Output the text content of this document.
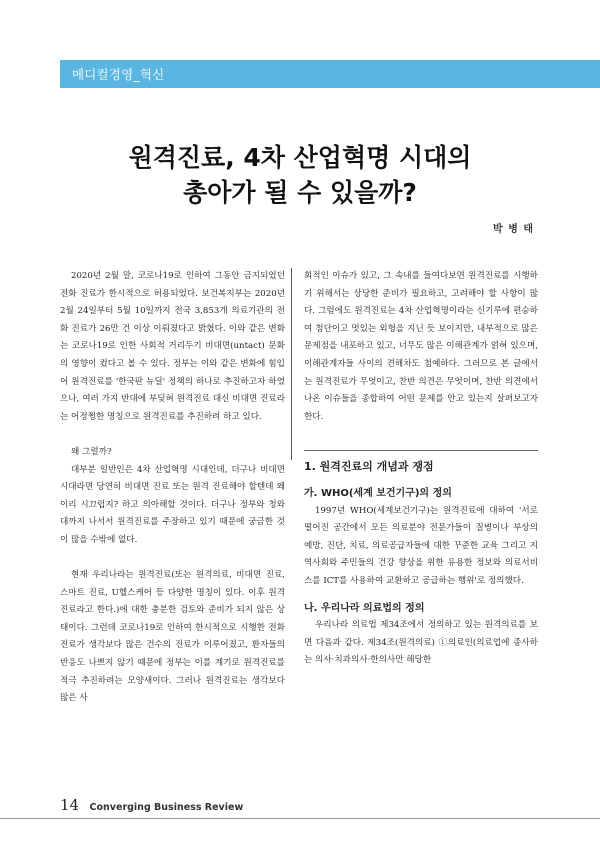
메디컬경영_혁신
원격진료, 4차 산업혁명 시대의
총아가 될 수 있을까?
박 병 태

2020년 2월 말, 코로나19로 인하여 그동안 금지되었던 전화 진료가 한시적으로 허용되었다. 보건복지부는 2020년 2월 24일부터 5월 10일까지 전국 3,853개 의료기관의 전화 진료가 26만 건 이상 이뤄졌다고 밝혔다. 이와 같은 변화는 코로나19로 인한 사회적 거리두기 비대면(untact) 문화의 영향이 컸다고 볼 수 있다. 정부는 이와 같은 변화에 힘입어 원격진료를 '한국판 뉴딜' 정책의 하나로 추진하고자 하였으나, 여러 가지 반대에 부딪혀 원격진료 대신 비대면 진료라는 어정쩡한 명칭으로 원격진료를 추진하려 하고 있다.

왜 그럴까?

대부분 일반인은 4차 산업혁명 시대인데, 더구나 비대면 시대라면 당연히 비대면 진료 또는 원격 진료해야 할텐데 왜 이리 시끄럽지? 하고 의아해할 것이다. 더구나 정부와 청와대까지 나서서 원격진료를 주장하고 있기 때문에 궁금한 것이 많을 수밖에 없다.

현재 우리나라는 원격진료(또는 원격의료, 비대면 진료, 스마트 진료, U헬스케어 등 다양한 명칭이 있다. 이후 원격진료라고 한다.)에 대한 충분한 검토와 준비가 되지 않은 상태이다. 그런데 코로나19로 인하여 한시적으로 시행한 전화 진료가 생각보다 많은 건수의 진료가 이루어졌고, 환자들의 반응도 나쁘지 않기 때문에 정부는 이를 계기로 원격진료를 적극 추진하려는 모양새이다. 그러나 원격진료는 생각보다 많은 사

회적인 이슈가 있고, 그 속내를 들여다보면 원격진료를 시행하기 위해서는 상당한 준비가 필요하고, 고려해야 할 사항이 많다. 그럼에도 원격진료는 4차 산업혁명이라는 신기루에 편승하여 첨단이고 멋있는 외형을 지닌 듯 보이지만, 내부적으로 많은 문제점을 내포하고 있고, 너무도 많은 이해관계가 얽혀 있으며, 이해관계자들 사이의 견해차도 첨예하다. 그러므로 본 글에서는 원격진료가 무엇이고, 찬반 의견은 무엇이며, 찬반 의견에서 나온 이슈들을 종합하여 어떤 문제를 안고 있는지 살펴보고자 한다.

1. 원격진료의 개념과 쟁점

가. WHO(세계 보건기구)의 정의

1997년 WHO(세계보건기구)는 원격진료에 대하여 '서로 떨어진 공간에서 모든 의료분야 전문가들이 질병이나 부상의 예방, 진단, 치료, 의료공급자들에 대한 꾸준한 교육 그리고 지역사회와 주민들의 건강 향상을 위한 유용한 정보와 의료서비스를 ICT를 사용하여 교환하고 공급하는 행위'로 정의했다.

나. 우리나라 의료법의 정의

우리나라 의료법 제34조에서 정의하고 있는 원격의료를 보면 다음과 같다. 제34조(원격의료) ①의료인(의료업에 종사하는 의사·치과의사·한의사만 해당한

14 Converging Business Review
